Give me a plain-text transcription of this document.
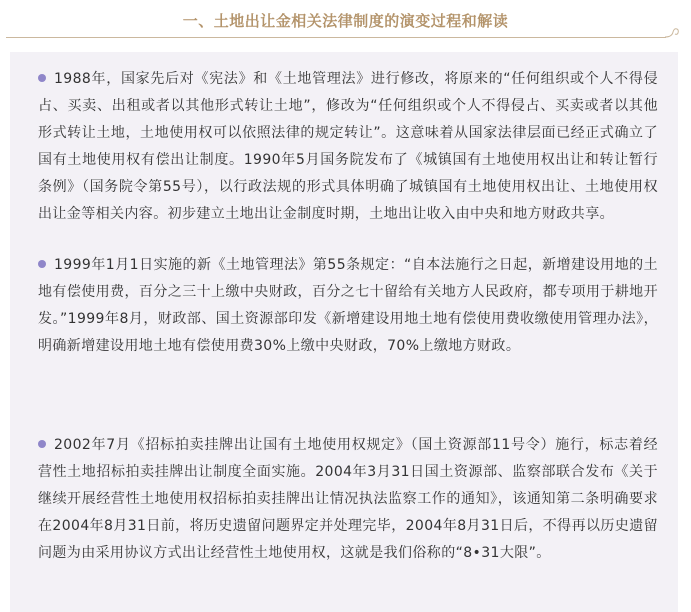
一、土地出让金相关法律制度的演变过程和解读

1988年，国家先后对《宪法》和《土地管理法》进行修改，将原来的“任何组织或个人不得侵占、买卖、出租或者以其他形式转让土地”，修改为“任何组织或个人不得侵占、买卖或者以其他形式转让土地，土地使用权可以依照法律的规定转让”。这意味着从国家法律层面已经正式确立了国有土地使用权有偿出让制度。1990年5月国务院发布了《城镇国有土地使用权出让和转让暂行条例》（国务院令第55号），以行政法规的形式具体明确了城镇国有土地使用权出让、土地使用权出让金等相关内容。初步建立土地出让金制度时期，土地出让收入由中央和地方财政共享。

1999年1月1日实施的新《土地管理法》第55条规定：“自本法施行之日起，新增建设用地的土地有偿使用费，百分之三十上缴中央财政，百分之七十留给有关地方人民政府，都专项用于耕地开发。”1999年8月，财政部、国土资源部印发《新增建设用地土地有偿使用费收缴使用管理办法》，明确新增建设用地土地有偿使用费30%上缴中央财政，70%上缴地方财政。

2002年7月《招标拍卖挂牌出让国有土地使用权规定》（国土资源部11号令）施行，标志着经营性土地招标拍卖挂牌出让制度全面实施。2004年3月31日国土资源部、监察部联合发布《关于继续开展经营性土地使用权招标拍卖挂牌出让情况执法监察工作的通知》，该通知第二条明确要求在2004年8月31日前，将历史遗留问题界定并处理完毕，2004年8月31日后，不得再以历史遗留问题为由采用协议方式出让经营性土地使用权，这就是我们俗称的“8•31大限”。
